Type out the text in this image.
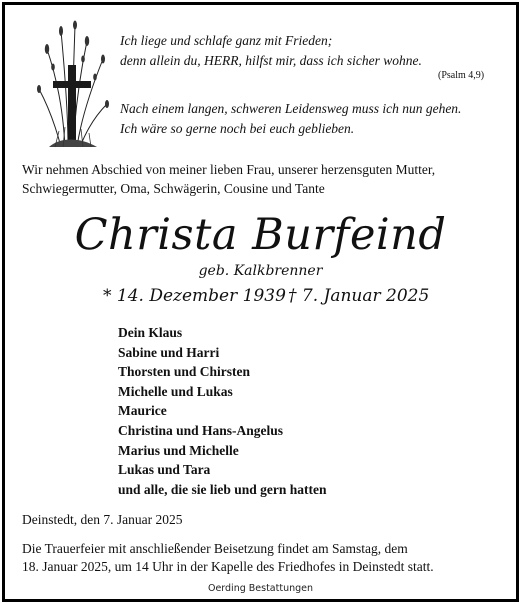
Ich liege und schlafe ganz mit Frieden;
denn allein du, HERR, hilfst mir, dass ich sicher wohne.
(Psalm 4,9)
Nach einem langen, schweren Leidensweg muss ich nun gehen.
Ich wäre so gerne noch bei euch geblieben.
Wir nehmen Abschied von meiner lieben Frau, unserer herzensguten Mutter,
Schwiegermutter, Oma, Schwägerin, Cousine und Tante
Christa Burfeind
geb. Kalkbrenner
* 14. Dezember 1939 † 7. Januar 2025
Dein Klaus
Sabine und Harri
Thorsten und Chirsten
Michelle und Lukas
Maurice
Christina und Hans-Angelus
Marius und Michelle
Lukas und Tara
und alle, die sie lieb und gern hatten
Deinstedt, den 7. Januar 2025
Die Trauerfeier mit anschließender Beisetzung findet am Samstag, dem
18. Januar 2025, um 14 Uhr in der Kapelle des Friedhofes in Deinstedt statt.
Oerding Bestattungen
